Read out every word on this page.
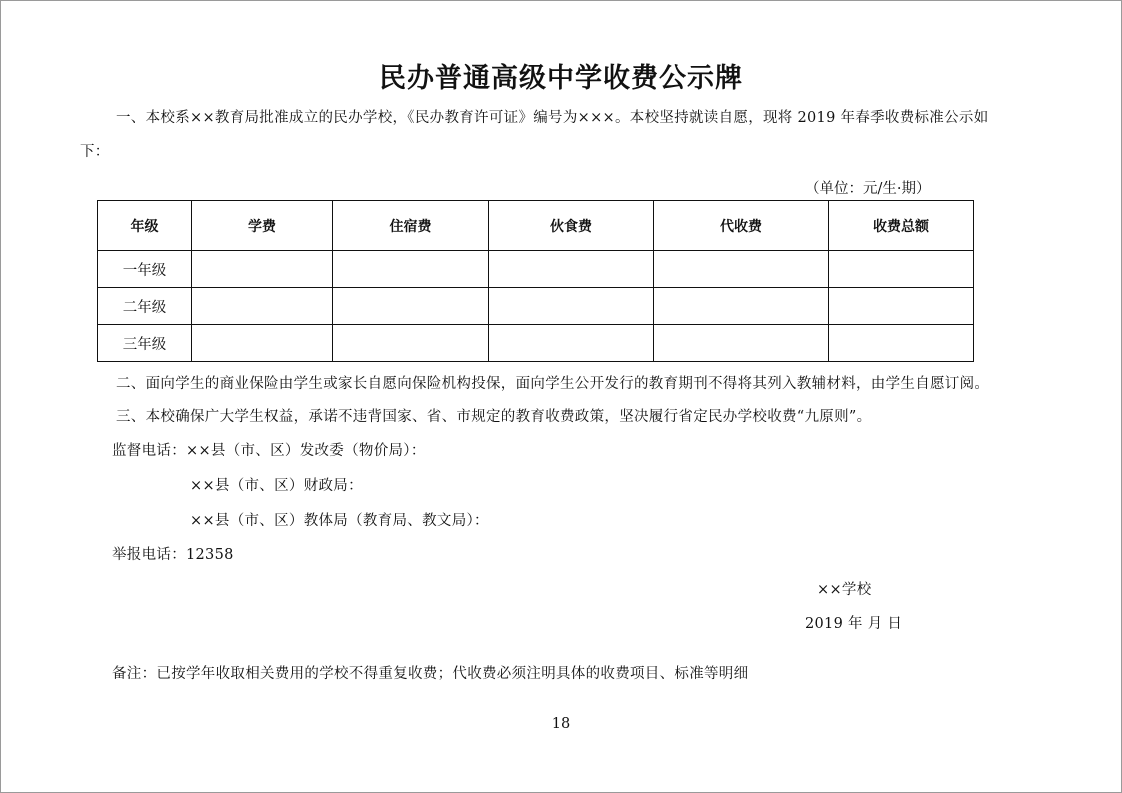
民办普通高级中学收费公示牌
一、本校系××教育局批准成立的民办学校，《民办教育许可证》编号为×××。本校坚持就读自愿，现将 2019 年春季收费标准公示如
下：
（单位：元/生·期）
年级	学费	住宿费	伙食费	代收费	收费总额
一年级					
二年级					
三年级					
二、面向学生的商业保险由学生或家长自愿向保险机构投保，面向学生公开发行的教育期刊不得将其列入教辅材料，由学生自愿订阅。
三、本校确保广大学生权益，承诺不违背国家、省、市规定的教育收费政策，坚决履行省定民办学校收费“九原则”。
监督电话：××县（市、区）发改委（物价局）：
××县（市、区）财政局：
××县（市、区）教体局（教育局、教文局）：
举报电话：12358
××学校
2019 年 月 日
备注：已按学年收取相关费用的学校不得重复收费；代收费必须注明具体的收费项目、标准等明细
18
